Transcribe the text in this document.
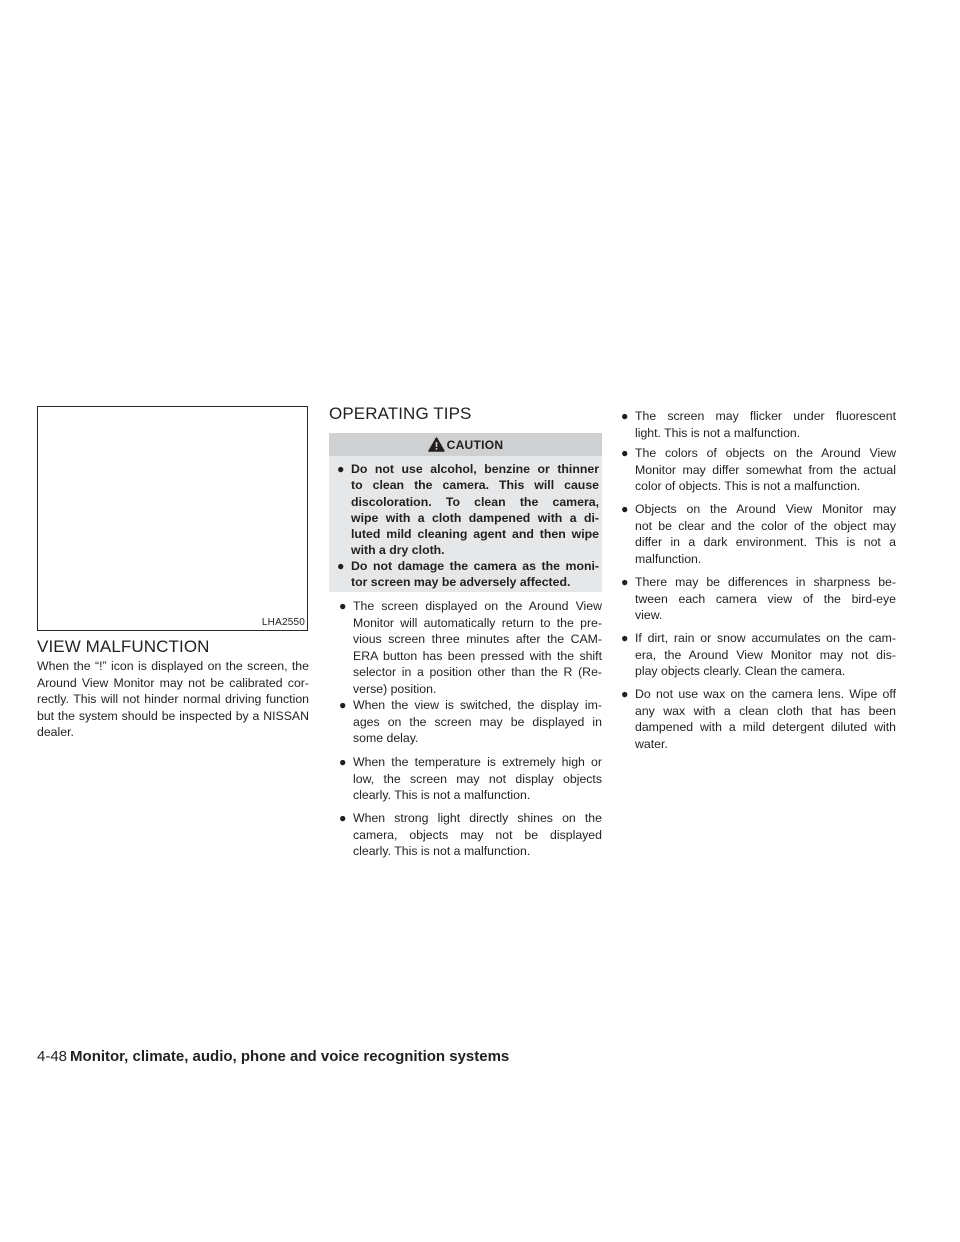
LHA2550
VIEW MALFUNCTION

When the “!” icon is displayed on the screen, the

Around View Monitor may not be calibrated cor-

rectly. This will not hinder normal driving function

but the system should be inspected by a NISSAN

dealer.

OPERATING TIPS
CAUTION
● Do not use alcohol, benzine or thinner
to clean the camera. This will cause
discoloration. To clean the camera,
wipe with a cloth dampened with a di-
luted mild cleaning agent and then wipe
with a dry cloth.
● Do not damage the camera as the moni-
tor screen may be adversely affected.
● The screen displayed on the Around View
Monitor will automatically return to the pre-
vious screen three minutes after the CAM-
ERA button has been pressed with the shift
selector in a position other than the R (Re-
verse) position.
● When the view is switched, the display im-
ages on the screen may be displayed in
some delay.
● When the temperature is extremely high or
low, the screen may not display objects
clearly. This is not a malfunction.
● When strong light directly shines on the
camera, objects may not be displayed
clearly. This is not a malfunction.
● The screen may flicker under fluorescent
light. This is not a malfunction.
● The colors of objects on the Around View
Monitor may differ somewhat from the actual
color of objects. This is not a malfunction.
● Objects on the Around View Monitor may
not be clear and the color of the object may
differ in a dark environment. This is not a
malfunction.
● There may be differences in sharpness be-
tween each camera view of the bird-eye
view.
● If dirt, rain or snow accumulates on the cam-
era, the Around View Monitor may not dis-
play objects clearly. Clean the camera.
● Do not use wax on the camera lens. Wipe off
any wax with a clean cloth that has been
dampened with a mild detergent diluted with
water.
4-48 Monitor, climate, audio, phone and voice recognition systems
